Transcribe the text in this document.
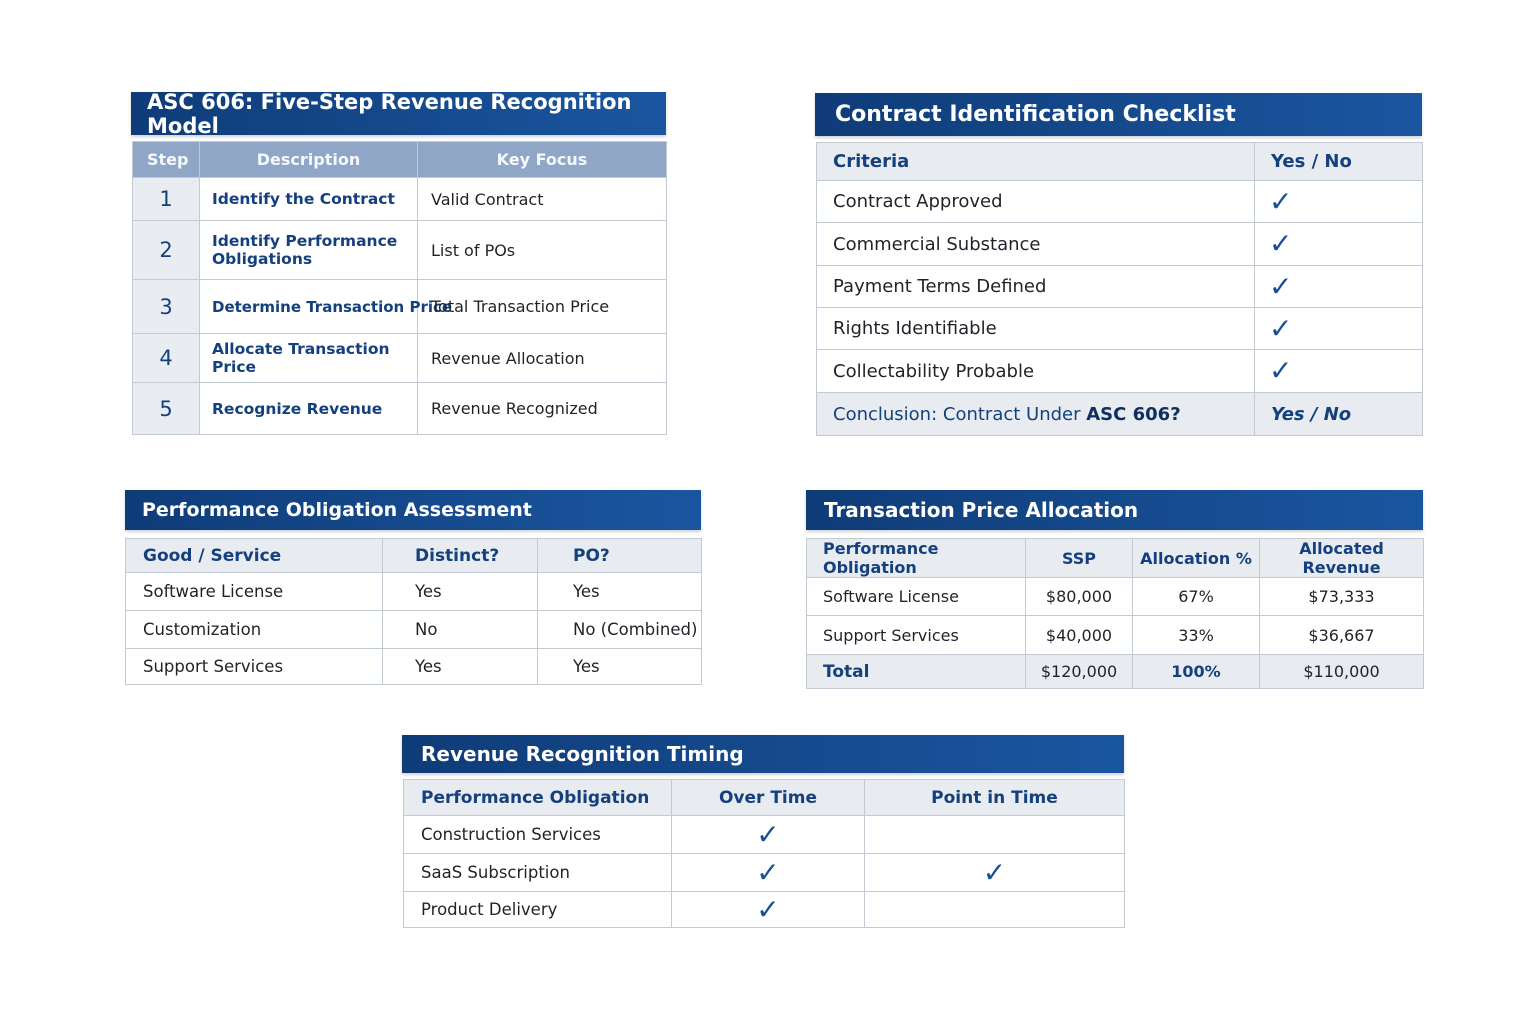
ASC 606: Five-Step Revenue Recognition Model
Step	Description	Key Focus
1	Identify the Contract	Valid Contract
2	Identify Performance Obligations	List of POs
3	Determine Transaction Price	Total Transaction Price
4	Allocate Transaction Price	Revenue Allocation
5	Recognize Revenue	Revenue Recognized
Contract Identification Checklist
Criteria	Yes / No
Contract Approved	✓
Commercial Substance	✓
Payment Terms Defined	✓
Rights Identifiable	✓
Collectability Probable	✓
Conclusion: Contract Under ASC 606?	Yes / No
Performance Obligation Assessment
Good / Service	Distinct?	PO?
Software License	Yes	Yes
Customization	No	No (Combined)
Support Services	Yes	Yes
Transaction Price Allocation
Performance Obligation	SSP	Allocation %	Allocated Revenue
Software License	$80,000	67%	$73,333
Support Services	$40,000	33%	$36,667
Total	$120,000	100%	$110,000
Revenue Recognition Timing
Performance Obligation	Over Time	Point in Time
Construction Services	✓	
SaaS Subscription	✓	✓
Product Delivery	✓	
